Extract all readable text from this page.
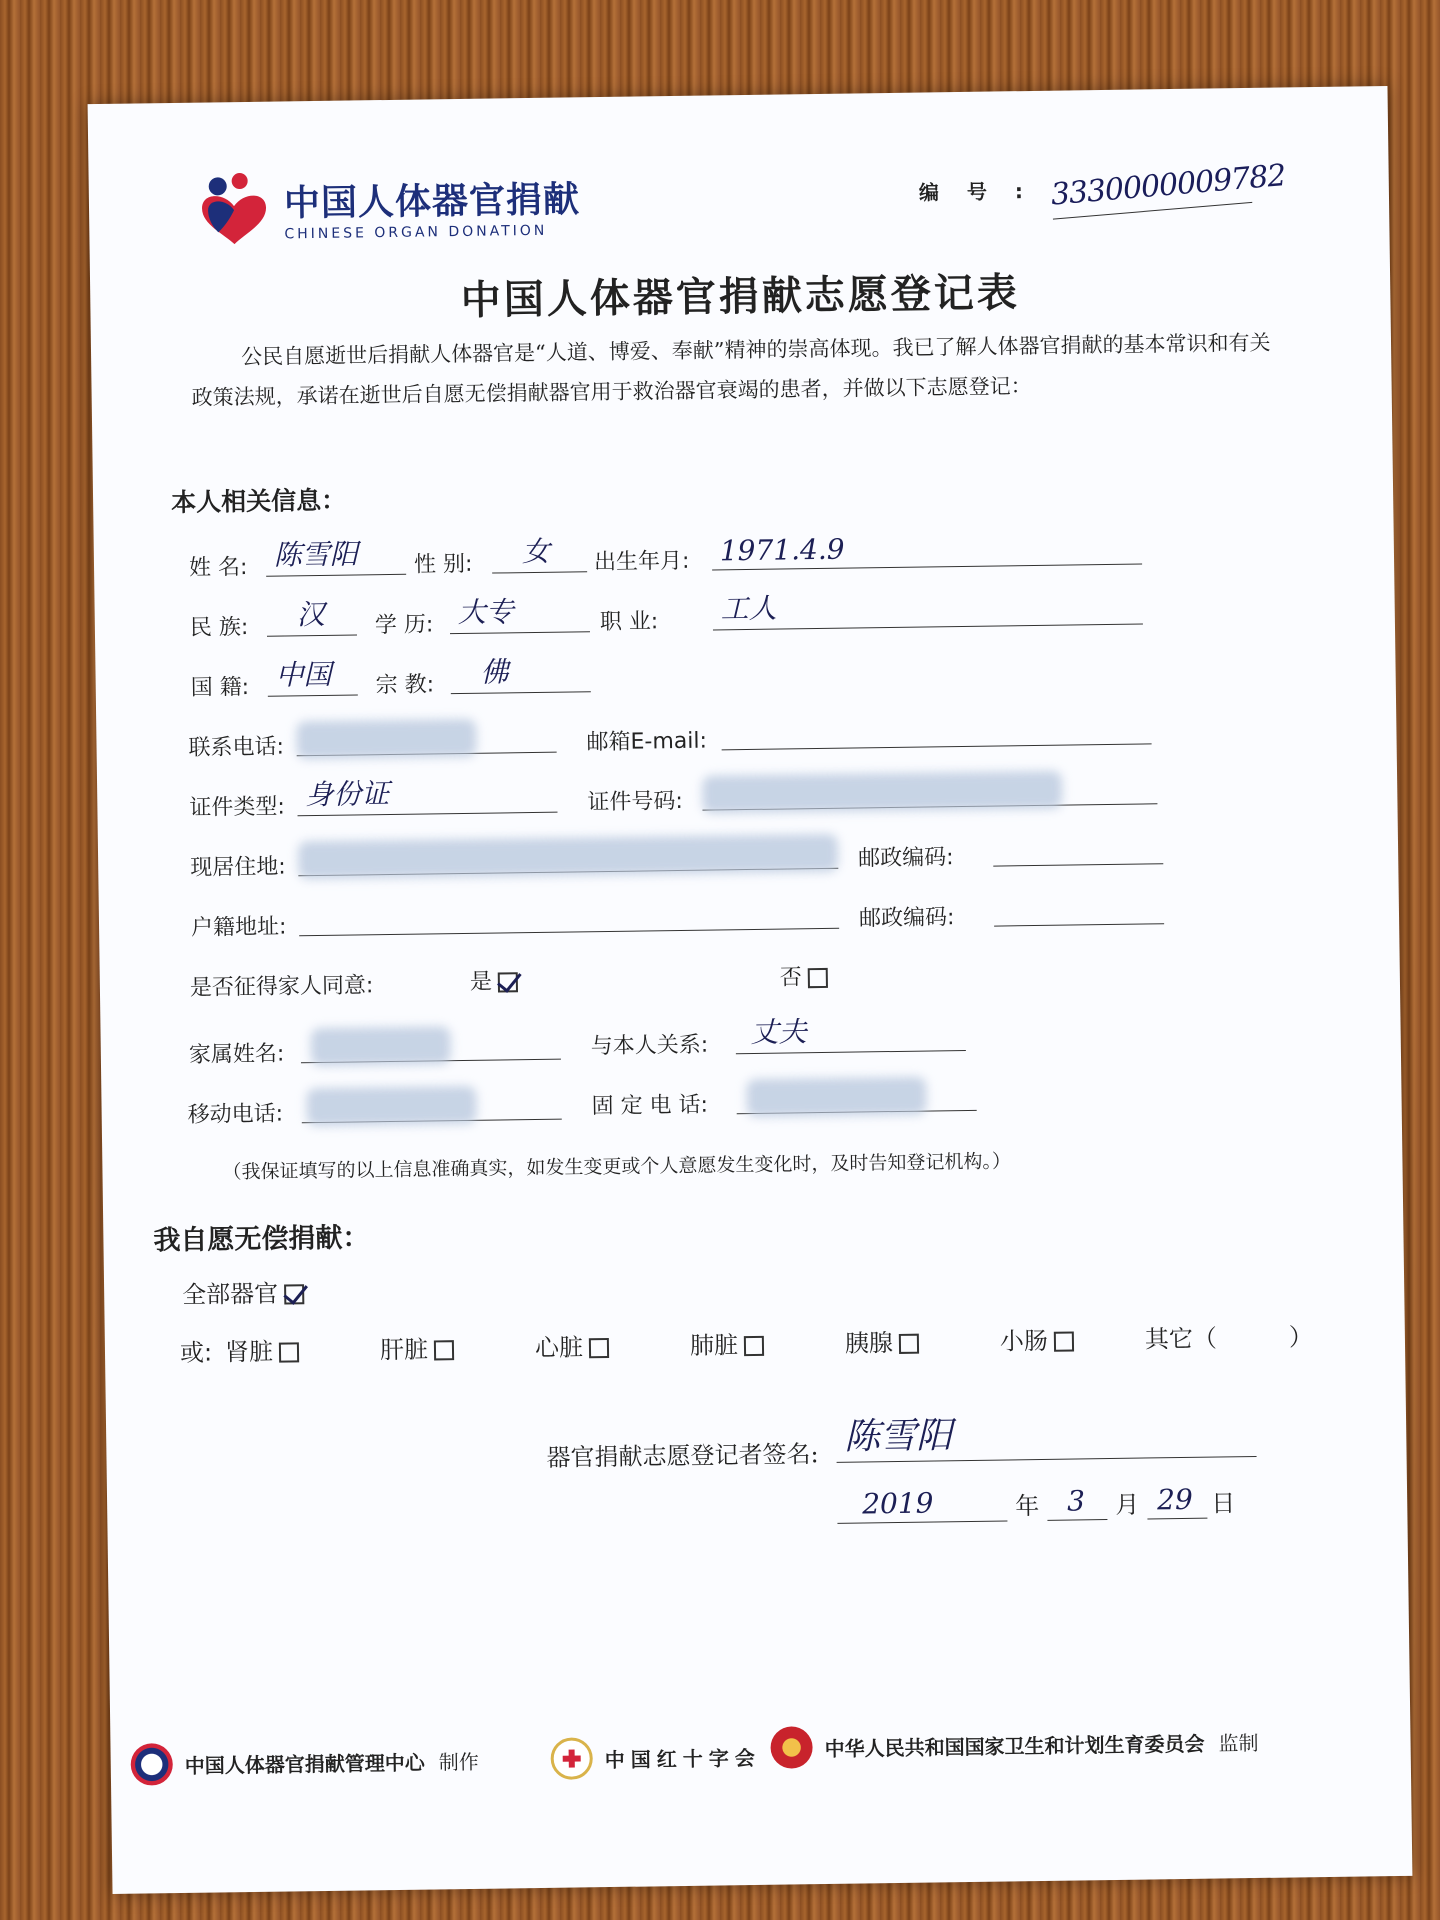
中国人体器官捐献
CHINESE ORGAN DONATION
编号:
3330000009782
中国人体器官捐献志愿登记表
公民自愿逝世后捐献人体器官是“人道、博爱、奉献”精神的崇高体现。我已了解人体器官捐献的基本常识和有关政策法规，承诺在逝世后自愿无偿捐献器官用于救治器官衰竭的患者，并做以下志愿登记：
本人相关信息：
姓 名: 陈雪阳	性 别: 女 出生年月: 1971.4.9
民 族: 汉 学 历: 大专	职 业: 工人
国 籍: 中国 宗 教: 佛
联系电话:	邮箱E-mail:
证件类型: 身份证	证件号码:
现居住地:	邮政编码:
户籍地址:	邮政编码:
是否征得家人同意:	是	否
家属姓名:	与本人关系: 丈夫
移动电话:	固 定 电 话:
（我保证填写的以上信息准确真实，如发生变更或个人意愿发生变化时，及时告知登记机构。）
我自愿无偿捐献：
全部器官
或: 肾脏	肝脏	心脏	肺脏	胰腺	小肠	其它（　　　）
器官捐献志愿登记者签名: 陈雪阳
2019	年 3 月 29 日
中国人体器官捐献管理中心 制作	中国红十字会	中华人民共和国国家卫生和计划生育委员会 监制
